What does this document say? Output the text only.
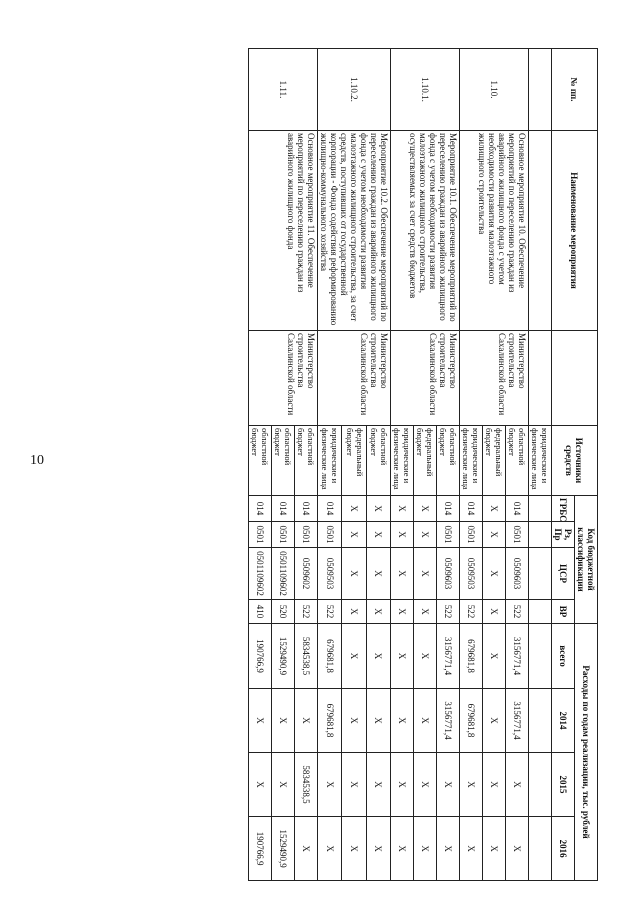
10
№ пп.	Наименование мероприятия		Источники средств	Код бюджетной классификации				Расходы по годам реализации, тыс. рублей			
				ГРБС	Рз, Пр	ЦСР	ВР	всего	2014	2015	2016
			юридические и физические лица								
1.10.	Основное мероприятие 10. Обеспечение мероприятий по переселению граждан из аварийного жилищного фонда с учетом необходимости развития малоэтажного жилищного строительства	Министерство строительства Сахалинской области	областной бюджет	014	0501	0509603	522	3156771,4	3156771,4	Х	Х
			федеральный бюджет	Х	Х	Х	Х	Х	Х	Х	Х
			юридические и физические лица	014	0501	0509503	522	679681,8	679681,8	Х	Х
1.10.1.	Мероприятие 10.1. Обеспечение мероприятий по переселению граждан из аварийного жилищного фонда с учетом необходимости развития малоэтажного жилищного строительства, осуществляемых за счет средств бюджетов	Министерство строительства Сахалинской области	областной бюджет	014	0501	0509603	522	3156771,4	3156771,4	Х	Х
			федеральный бюджет	Х	Х	Х	Х	Х	Х	Х	Х
			юридические и физические лица	Х	Х	Х	Х	Х	Х	Х	Х
1.10.2.	Мероприятие 10.2. Обеспечение мероприятий по переселению граждан из аварийного жилищного фонда с учетом необходимости развития малоэтажного жилищного строительства, за счет средств, поступивших от государственной корпорации - Фонда содействия реформированию жилищно-коммунального хозяйства	Министерство строительства Сахалинской области	областной бюджет	Х	Х	Х	Х	Х	Х	Х	Х
			федеральный бюджет	Х	Х	Х	Х	Х	Х	Х	Х
			юридические и физические лица	014	0501	0509503	522	679681,8	679681,8	Х	Х
1.11.	Основное мероприятие 11. Обеспечение мероприятий по переселению граждан из аварийного жилищного фонда	Министерство строительства Сахалинской области	областной бюджет	014	0501	0509602	522	5834538,5	Х	5834538,5	Х
			областной бюджет	014	0501	0501109602	520	1529490,9	Х	Х	1529490,9
			областной бюджет	014	0501	0501109602	410	190766,9	Х	Х	190766,9
